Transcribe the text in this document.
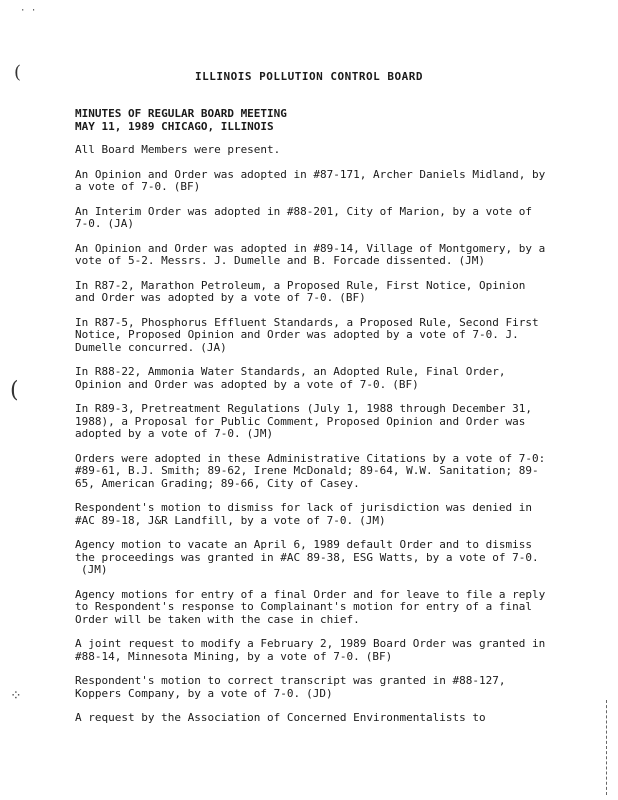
(
(
· ·
⁘
ILLINOIS POLLUTION CONTROL BOARD
MINUTES OF REGULAR BOARD MEETING
MAY 11, 1989 CHICAGO, ILLINOIS

All Board Members were present.

An Opinion and Order was adopted in #87-171, Archer Daniels Midland, by a vote of 7-0. (BF)

An Interim Order was adopted in #88-201, City of Marion, by a vote of 7-0. (JA)

An Opinion and Order was adopted in #89-14, Village of Montgomery, by a vote of 5-2. Messrs. J. Dumelle and B. Forcade dissented. (JM)

In R87-2, Marathon Petroleum, a Proposed Rule, First Notice, Opinion and Order was adopted by a vote of 7-0. (BF)

In R87-5, Phosphorus Effluent Standards, a Proposed Rule, Second First Notice, Proposed Opinion and Order was adopted by a vote of 7-0. J. Dumelle concurred. (JA)

In R88-22, Ammonia Water Standards, an Adopted Rule, Final Order, Opinion and Order was adopted by a vote of 7-0. (BF)

In R89-3, Pretreatment Regulations (July 1, 1988 through December 31, 1988), a Proposal for Public Comment, Proposed Opinion and Order was adopted by a vote of 7-0. (JM)

Orders were adopted in these Administrative Citations by a vote of 7-0: #89-61, B.J. Smith; 89-62, Irene McDonald; 89-64, W.W. Sanitation; 89-65, American Grading; 89-66, City of Casey.

Respondent's motion to dismiss for lack of jurisdiction was denied in #AC 89-18, J&R Landfill, by a vote of 7-0. (JM)

Agency motion to vacate an April 6, 1989 default Order and to dismiss the proceedings was granted in #AC 89-38, ESG Watts, by a vote of 7-0.(JM)

Agency motions for entry of a final Order and for leave to file a reply to Respondent's response to Complainant's motion for entry of a final Order will be taken with the case in chief.

A joint request to modify a February 2, 1989 Board Order was granted in #88-14, Minnesota Mining, by a vote of 7-0. (BF)

Respondent's motion to correct transcript was granted in #88-127, Koppers Company, by a vote of 7-0. (JD)

A request by the Association of Concerned Environmentalists to
